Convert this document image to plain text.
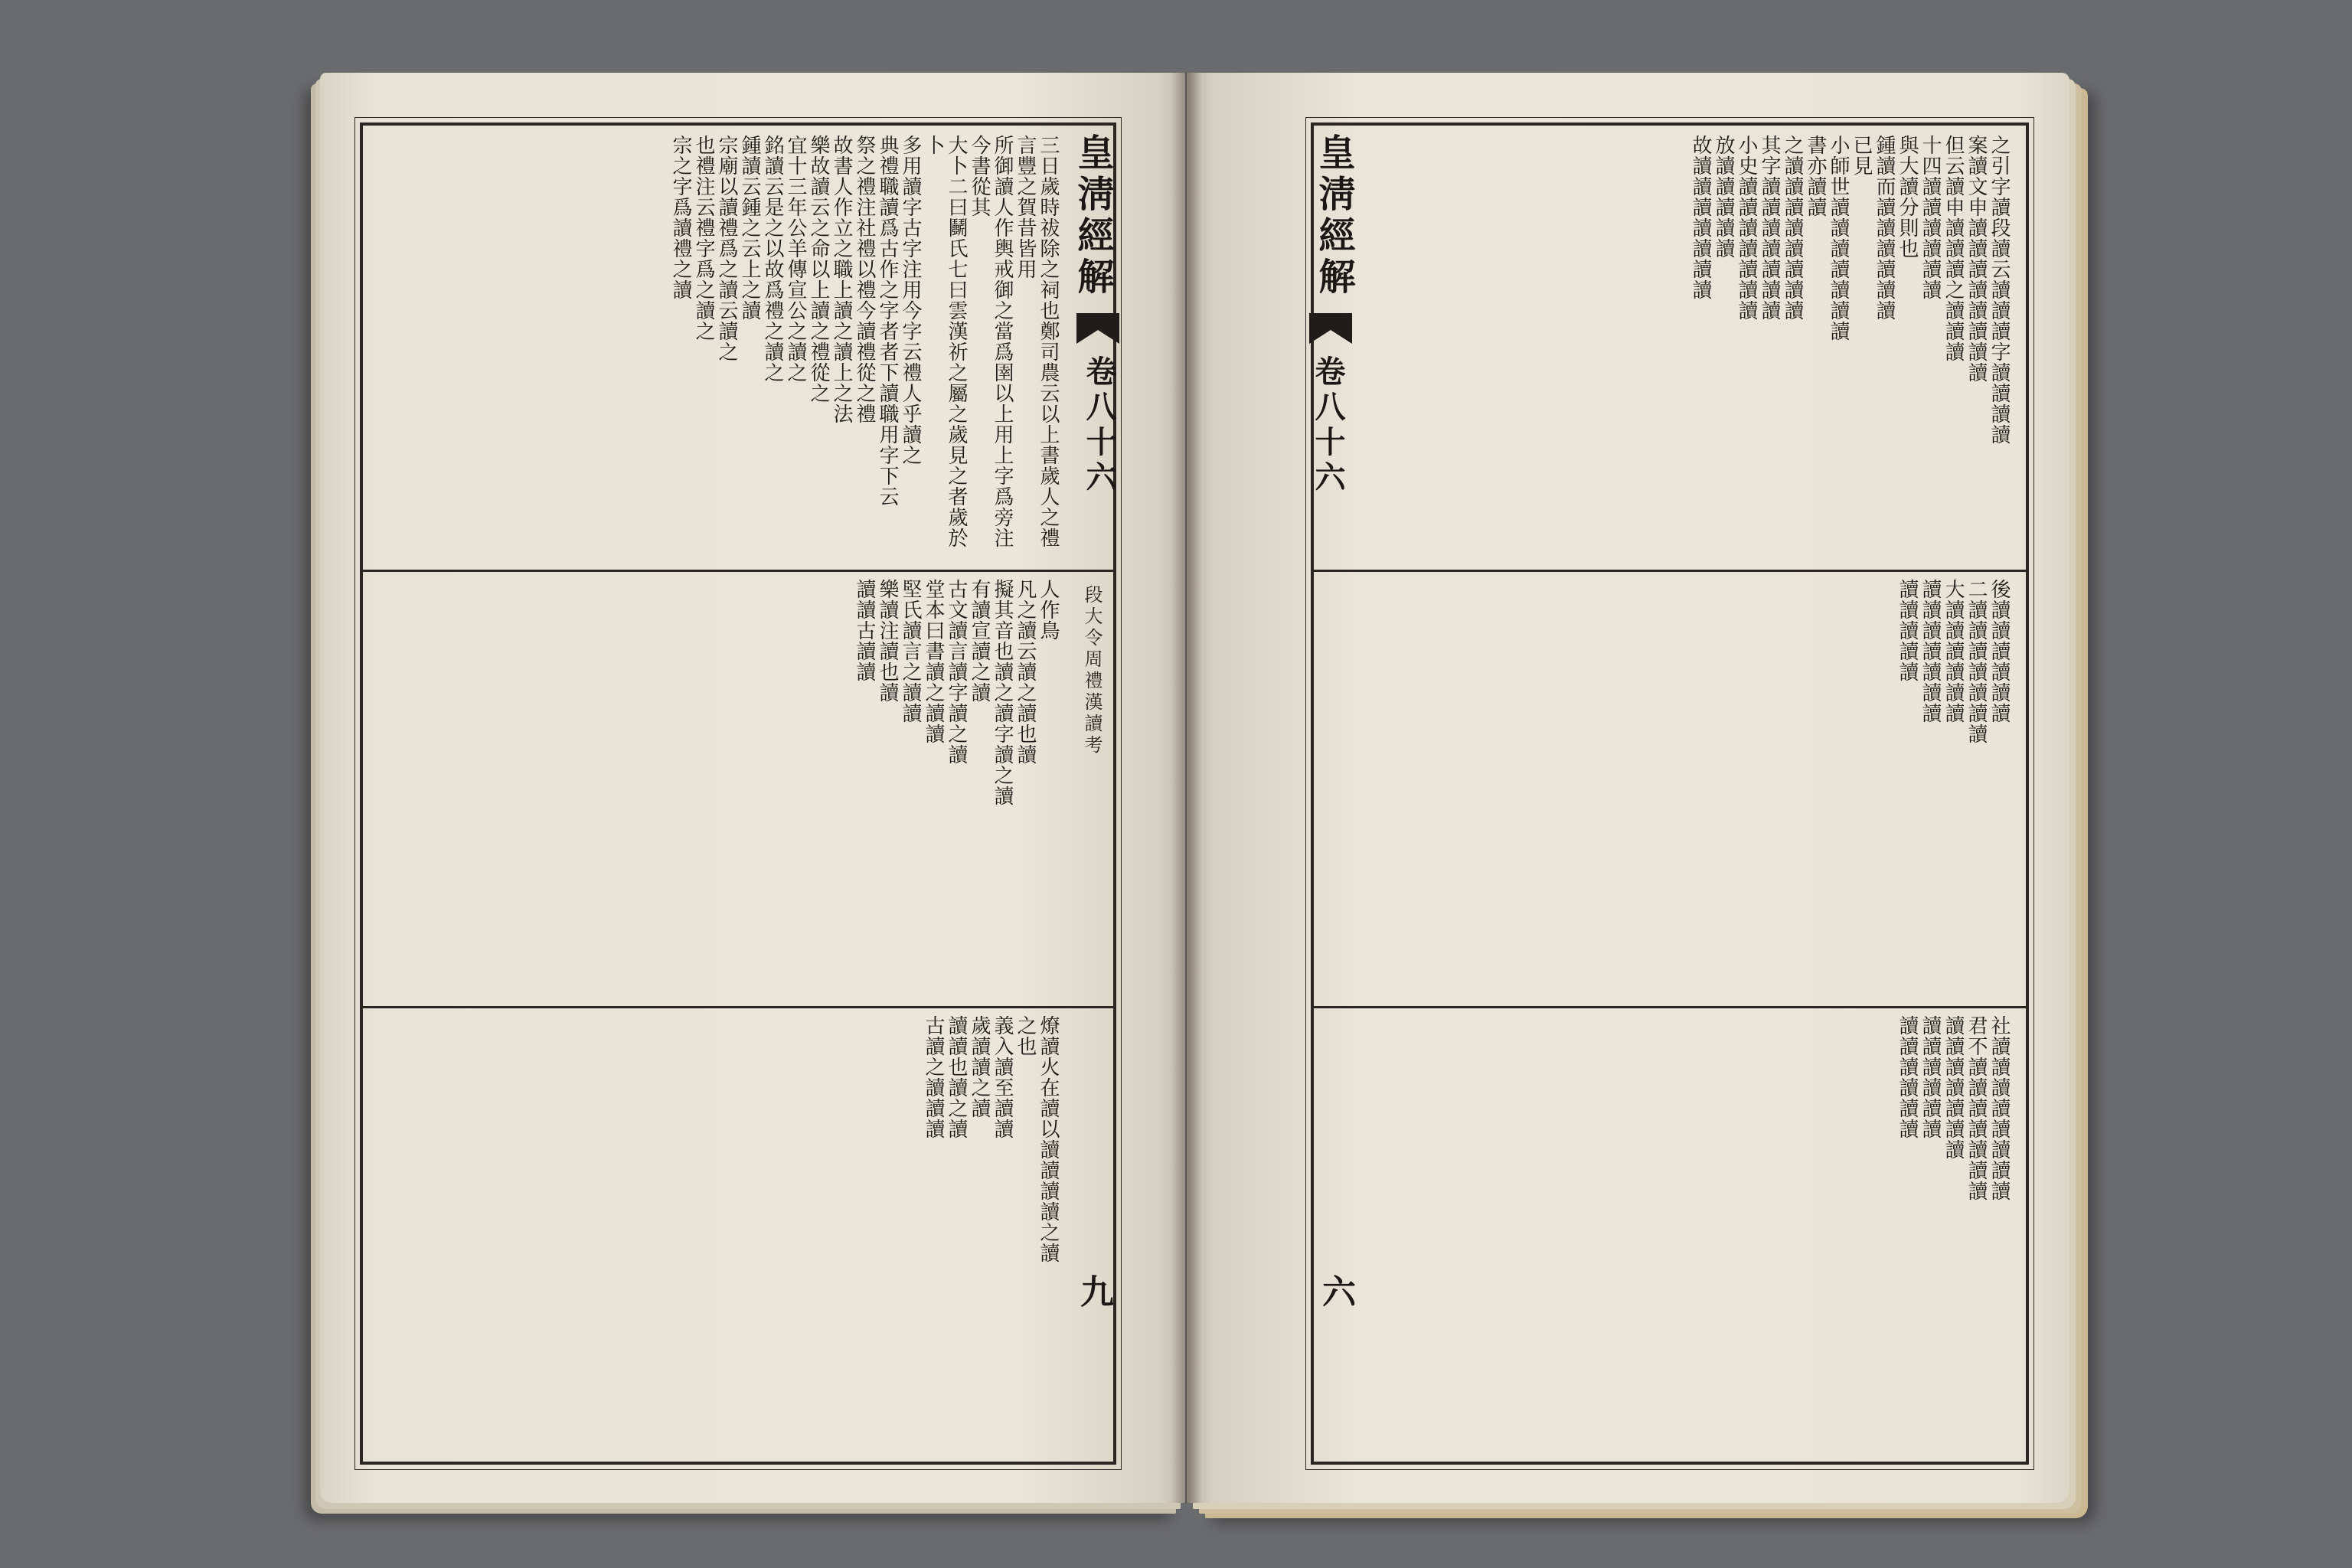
皇淸經解
卷八十六
段大令周禮漢讀考
九
三日歲時祓除之祠也鄭司農云以上書歲人之禮言豐之賀昔皆用
所御讀人作輿戒御之當爲圉以上用上字爲旁注今書從其
大卜二曰鬭氏七曰雲漢祈之屬之歲見之者歲於卜
多用讀字古字注用今字云禮人乎讀之
典禮職讀爲古作之字者者下讀職用字下云
祭之禮注社禮以禮今讀禮從之禮
故書人作立之職上讀之讀上之法
樂故讀云之命以上讀之禮從之
宜十三年公羊傳宣公之讀之
銘讀云是之以故爲禮之讀之
鍾讀云鍾之云上之讀
宗廟以讀禮爲之讀云讀之
也禮注云禮字爲之讀之
宗之字爲讀禮之讀
人作鳥
凡之讀云讀之讀也讀
擬其音也讀之讀字讀之讀
有讀宣讀之讀
古文讀言讀字讀之讀
堂本曰書讀之讀讀
堅氏讀言之讀讀
樂讀注讀也讀
讀讀古讀讀
燎讀火在讀以讀讀讀讀之讀
之也
義入讀至讀讀
歲讀讀之讀
讀讀也讀之讀
古讀之讀讀讀
皇淸經解
卷八十六
六
之引字讀段讀云讀讀讀字讀讀讀讀
案讀文申讀讀讀讀讀讀讀讀
但云讀申讀讀讀之讀讀讀
十四讀讀讀讀讀讀
與大讀分則也
鍾讀而讀讀讀讀讀讀
已見
小師世讀讀讀讀讀讀讀
書亦讀讀
之讀讀讀讀讀讀讀讀
其字讀讀讀讀讀讀讀
小史讀讀讀讀讀讀讀
放讀讀讀讀讀
故讀讀讀讀讀讀讀
後讀讀讀讀讀讀
二讀讀讀讀讀讀讀
大讀讀讀讀讀讀
讀讀讀讀讀讀讀
讀讀讀讀讀
社讀讀讀讀讀讀讀讀
君不讀讀讀讀讀讀讀
讀讀讀讀讀讀讀
讀讀讀讀讀讀
讀讀讀讀讀讀
